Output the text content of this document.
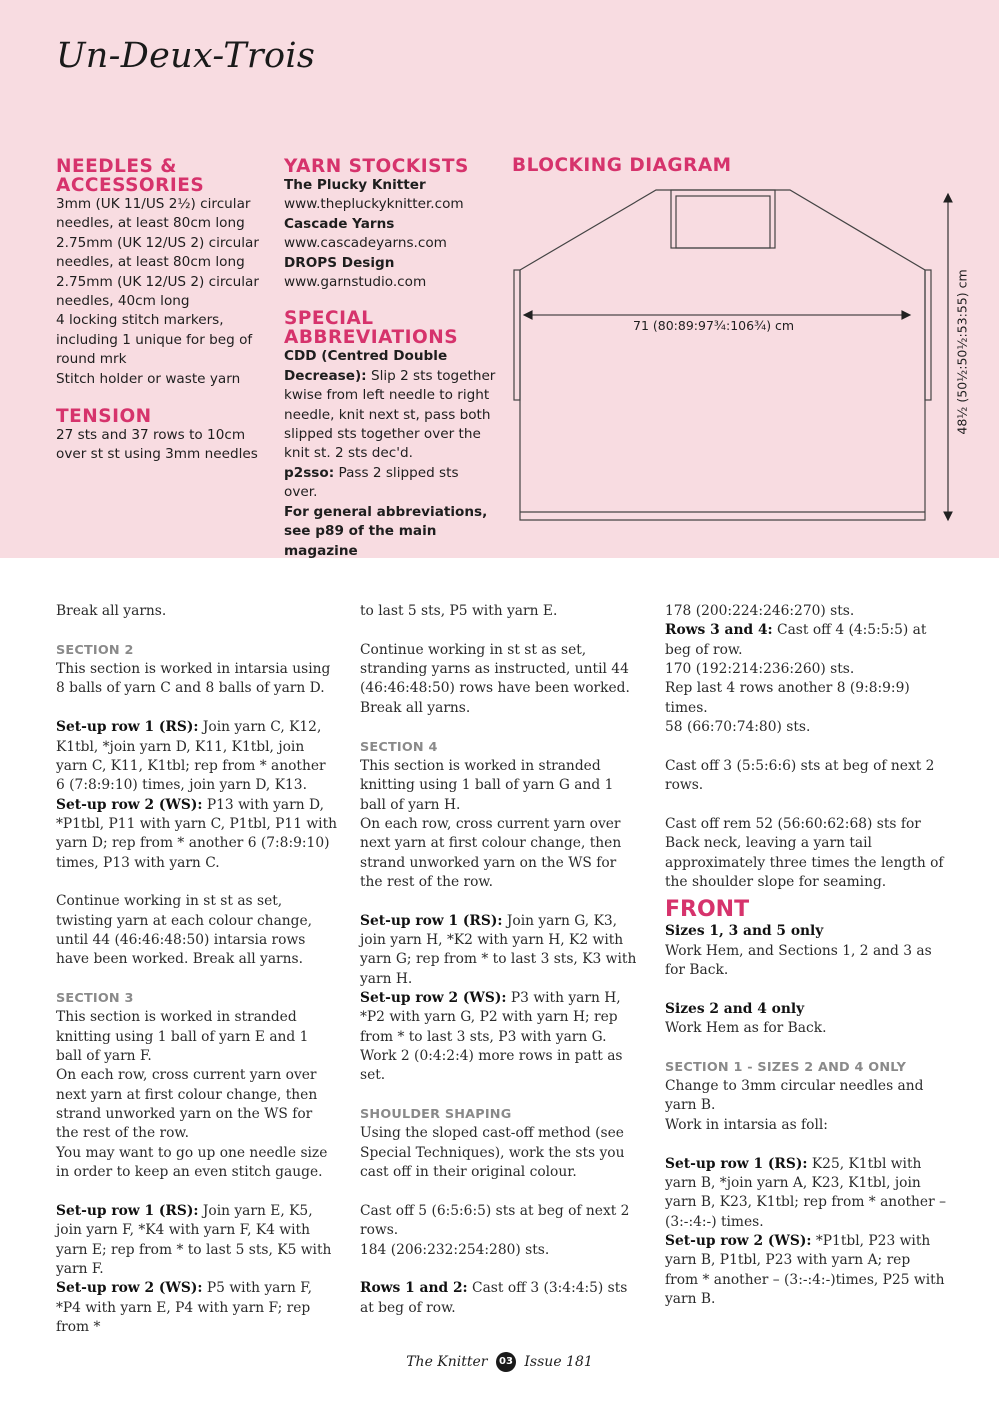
Un-Deux-Trois

NEEDLES & ACCESSORIES

3mm (UK 11/US 2½) circular

needles, at least 80cm long

2.75mm (UK 12/US 2) circular

needles, at least 80cm long

2.75mm (UK 12/US 2) circular

needles, 40cm long

4 locking stitch markers,

including 1 unique for beg of

round mrk

Stitch holder or waste yarn

TENSION

27 sts and 37 rows to 10cm

over st st using 3mm needles

YARN STOCKISTS

The Plucky Knitter

www.thepluckyknitter.com

Cascade Yarns

www.cascadeyarns.com

DROPS Design

www.garnstudio.com

SPECIAL ABBREVIATIONS

CDD (Centred Double Decrease): Slip 2 sts together kwise from left needle to right needle, knit next st, pass both slipped sts together over the knit st. 2 sts dec'd.

p2sso: Pass 2 slipped sts over.

For general abbreviations, see p89 of the main magazine

BLOCKING DIAGRAM

71 (80:89:97¾:106¾) cm	48½ (50½:50½:53:55) cm

Break all yarns.

SECTION 2

This section is worked in intarsia using 8 balls of yarn C and 8 balls of yarn D.

Set-up row 1 (RS): Join yarn C, K12, K1tbl, *join yarn D, K11, K1tbl, join yarn C, K11, K1tbl; rep from * another 6 (7:8:9:10) times, join yarn D, K13.

Set-up row 2 (WS): P13 with yarn D, *P1tbl, P11 with yarn C, P1tbl, P11 with yarn D; rep from * another 6 (7:8:9:10) times, P13 with yarn C.

Continue working in st st as set, twisting yarn at each colour change, until 44 (46:46:48:50) intarsia rows have been worked. Break all yarns.

SECTION 3

This section is worked in stranded knitting using 1 ball of yarn E and 1 ball of yarn F.

On each row, cross current yarn over next yarn at first colour change, then strand unworked yarn on the WS for the rest of the row.

You may want to go up one needle size in order to keep an even stitch gauge.

Set-up row 1 (RS): Join yarn E, K5, join yarn F, *K4 with yarn F, K4 with yarn E; rep from * to last 5 sts, K5 with yarn F.

Set-up row 2 (WS): P5 with yarn F, *P4 with yarn E, P4 with yarn F; rep from *

to last 5 sts, P5 with yarn E.

Continue working in st st as set, stranding yarns as instructed, until 44 (46:46:48:50) rows have been worked. Break all yarns.

SECTION 4

This section is worked in stranded knitting using 1 ball of yarn G and 1 ball of yarn H.

On each row, cross current yarn over next yarn at first colour change, then strand unworked yarn on the WS for the rest of the row.

Set-up row 1 (RS): Join yarn G, K3, join yarn H, *K2 with yarn H, K2 with yarn G; rep from * to last 3 sts, K3 with yarn H.

Set-up row 2 (WS): P3 with yarn H, *P2 with yarn G, P2 with yarn H; rep from * to last 3 sts, P3 with yarn G.

Work 2 (0:4:2:4) more rows in patt as set.

SHOULDER SHAPING

Using the sloped cast-off method (see Special Techniques), work the sts you cast off in their original colour.

Cast off 5 (6:5:6:5) sts at beg of next 2 rows.

184 (206:232:254:280) sts.

Rows 1 and 2: Cast off 3 (3:4:4:5) sts at beg of row.

178 (200:224:246:270) sts.

Rows 3 and 4: Cast off 4 (4:5:5:5) at beg of row.

170 (192:214:236:260) sts.

Rep last 4 rows another 8 (9:8:9:9) times.

58 (66:70:74:80) sts.

Cast off 3 (5:5:6:6) sts at beg of next 2 rows.

Cast off rem 52 (56:60:62:68) sts for Back neck, leaving a yarn tail approximately three times the length of the shoulder slope for seaming.

FRONT

Sizes 1, 3 and 5 only

Work Hem, and Sections 1, 2 and 3 as for Back.

Sizes 2 and 4 only

Work Hem as for Back.

SECTION 1 - SIZES 2 AND 4 ONLY

Change to 3mm circular needles and yarn B.

Work in intarsia as foll:

Set-up row 1 (RS): K25, K1tbl with yarn B, *join yarn A, K23, K1tbl, join yarn B, K23, K1tbl; rep from * another – (3:-:4:-) times.

Set-up row 2 (WS): *P1tbl, P23 with yarn B, P1tbl, P23 with yarn A; rep from * another – (3:-:4:-)times, P25 with yarn B.

The Knitter 03 Issue 181
